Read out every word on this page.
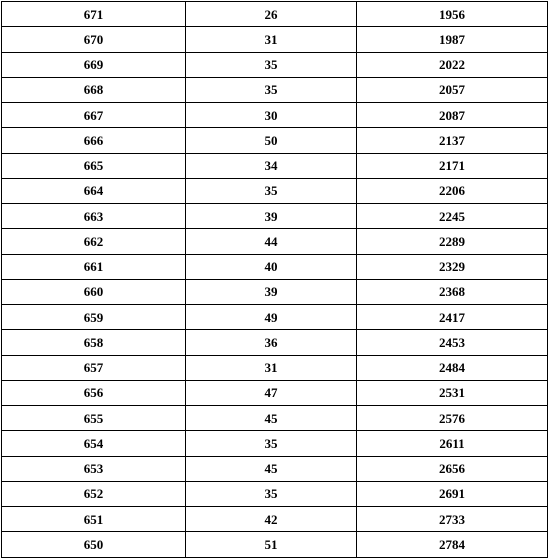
671	26	1956
670	31	1987
669	35	2022
668	35	2057
667	30	2087
666	50	2137
665	34	2171
664	35	2206
663	39	2245
662	44	2289
661	40	2329
660	39	2368
659	49	2417
658	36	2453
657	31	2484
656	47	2531
655	45	2576
654	35	2611
653	45	2656
652	35	2691
651	42	2733
650	51	2784
